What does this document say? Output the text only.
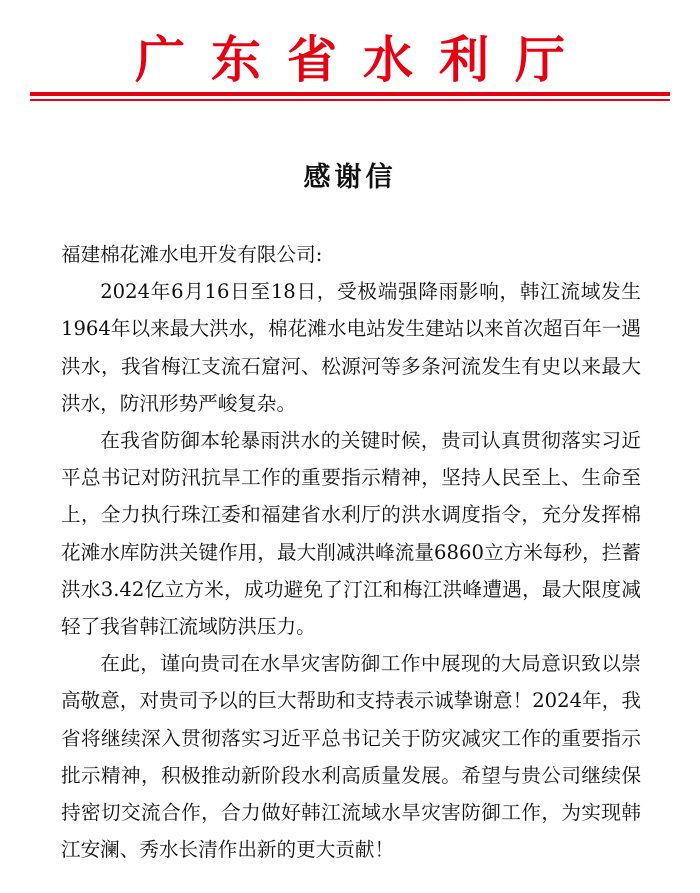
广东省水利厅
感谢信

福建棉花滩水电开发有限公司:

2024年6月16日至18日，受极端强降雨影响，韩江流域发生1964年以来最大洪水，棉花滩水电站发生建站以来首次超百年一遇洪水，我省梅江支流石窟河、松源河等多条河流发生有史以来最大洪水，防汛形势严峻复杂。

在我省防御本轮暴雨洪水的关键时候，贵司认真贯彻落实习近平总书记对防汛抗旱工作的重要指示精神，坚持人民至上、生命至上，全力执行珠江委和福建省水利厅的洪水调度指令，充分发挥棉花滩水库防洪关键作用，最大削减洪峰流量6860立方米每秒，拦蓄洪水3.42亿立方米，成功避免了汀江和梅江洪峰遭遇，最大限度减轻了我省韩江流域防洪压力。

在此，谨向贵司在水旱灾害防御工作中展现的大局意识致以崇高敬意，对贵司予以的巨大帮助和支持表示诚挚谢意！2024年，我省将继续深入贯彻落实习近平总书记关于防灾减灾工作的重要指示批示精神，积极推动新阶段水利高质量发展。希望与贵公司继续保持密切交流合作，合力做好韩江流域水旱灾害防御工作，为实现韩江安澜、秀水长清作出新的更大贡献！
